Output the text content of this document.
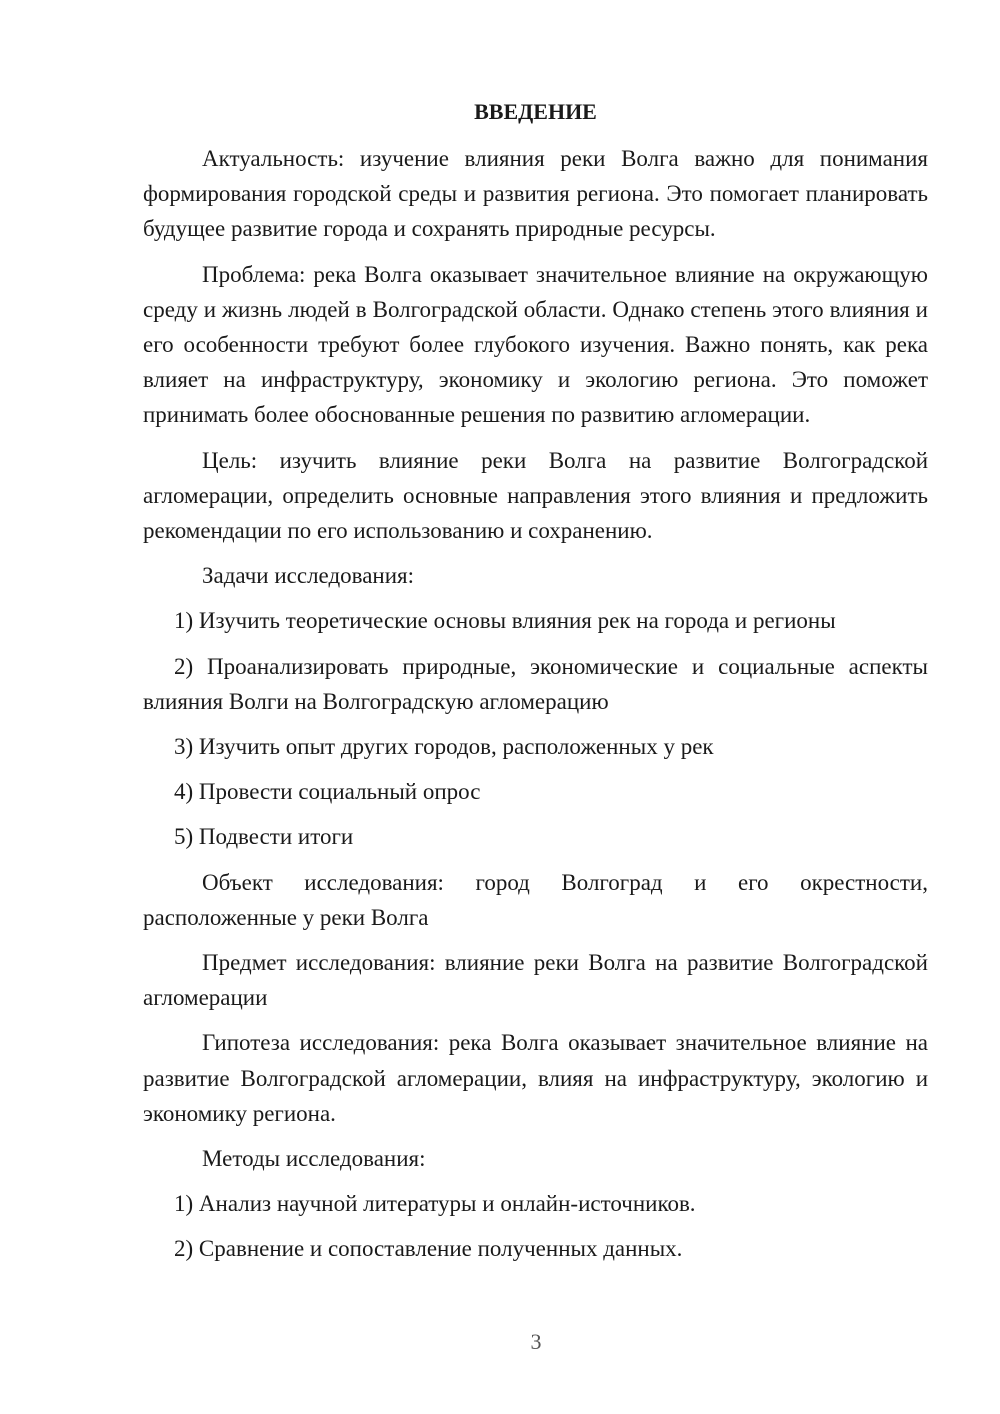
ВВЕДЕНИЕ

Актуальность: изучение влияния реки Волга важно для понимания формирования городской среды и развития региона. Это помогает планировать будущее развитие города и сохранять природные ресурсы.

Проблема: река Волга оказывает значительное влияние на окружающую среду и жизнь людей в Волгоградской области. Однако степень этого влияния и его особенности требуют более глубокого изучения. Важно понять, как река влияет на инфраструктуру, экономику и экологию региона. Это поможет принимать более обоснованные решения по развитию агломерации.

Цель: изучить влияние реки Волга на развитие Волгоградской агломерации, определить основные направления этого влияния и предложить рекомендации по его использованию и сохранению.

Задачи исследования:

1) Изучить теоретические основы влияния рек на города и регионы

2) Проанализировать природные, экономические и социальные аспекты влияния Волги на Волгоградскую агломерацию

3) Изучить опыт других городов, расположенных у рек

4) Провести социальный опрос

5) Подвести итоги

Объект исследования: город Волгоград и его окрестности, расположенные у реки Волга

Предмет исследования: влияние реки Волга на развитие Волгоградской агломерации

Гипотеза исследования: река Волга оказывает значительное влияние на развитие Волгоградской агломерации, влияя на инфраструктуру, экологию и экономику региона.

Методы исследования:

1) Анализ научной литературы и онлайн-источников.

2) Сравнение и сопоставление полученных данных.

3
